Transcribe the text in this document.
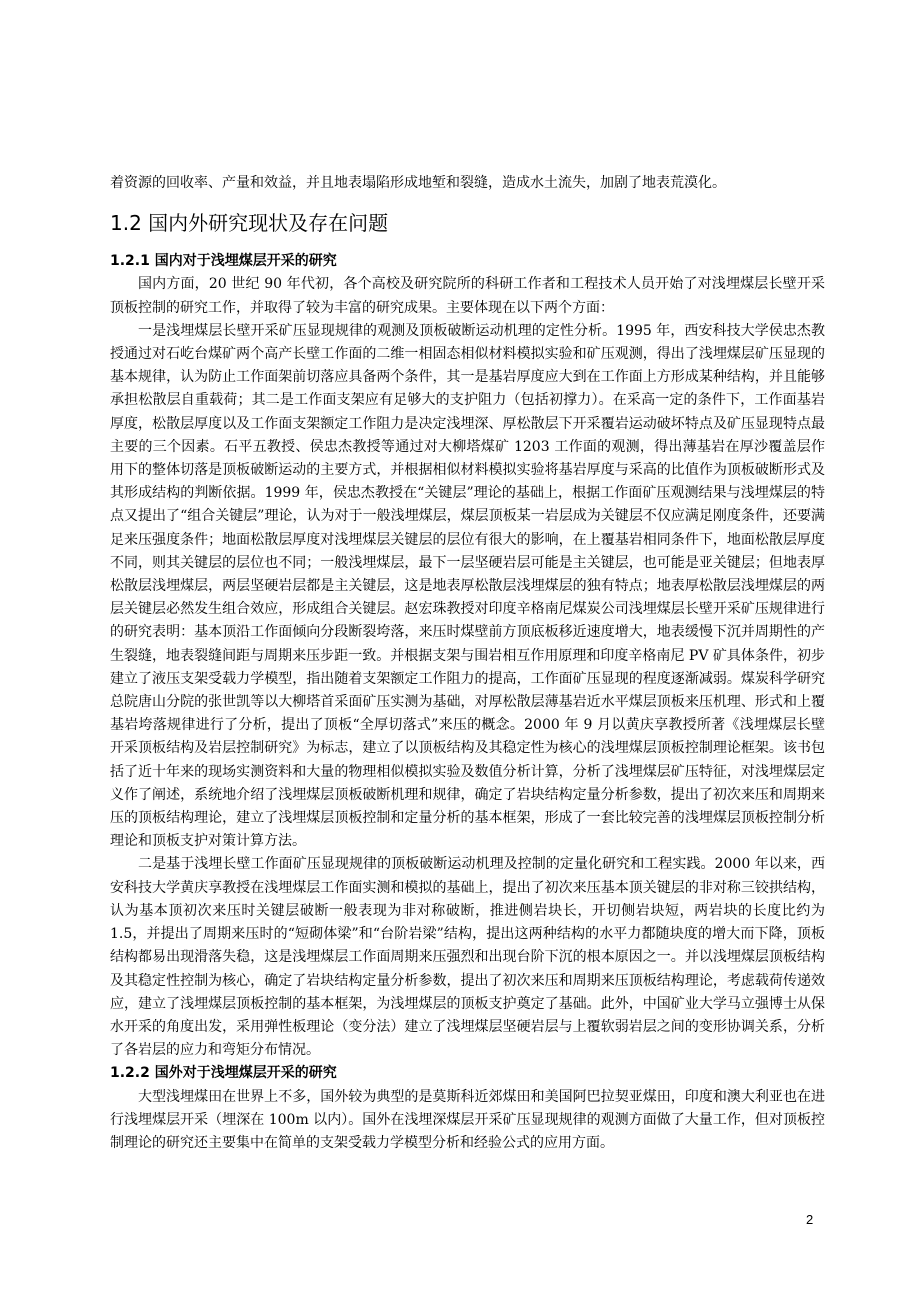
着资源的回收率、产量和效益，并且地表塌陷形成地堑和裂缝，造成水土流失，加剧了地表荒漠化。

1.2 国内外研究现状及存在问题
1.2.1 国内对于浅埋煤层开采的研究

国内方面，20 世纪 90 年代初，各个高校及研究院所的科研工作者和工程技术人员开始了对浅埋煤层长壁开采顶板控制的研究工作，并取得了较为丰富的研究成果。主要体现在以下两个方面：

一是浅埋煤层长壁开采矿压显现规律的观测及顶板破断运动机理的定性分析。1995 年，西安科技大学侯忠杰教授通过对石屹台煤矿两个高产长壁工作面的二维一相固态相似材料模拟实验和矿压观测，得出了浅埋煤层矿压显现的基本规律，认为防止工作面架前切落应具备两个条件，其一是基岩厚度应大到在工作面上方形成某种结构，并且能够承担松散层自重载荷；其二是工作面支架应有足够大的支护阻力（包括初撑力）。在采高一定的条件下，工作面基岩厚度，松散层厚度以及工作面支架额定工作阻力是决定浅埋深、厚松散层下开采覆岩运动破坏特点及矿压显现特点最主要的三个因素。石平五教授、侯忠杰教授等通过对大柳塔煤矿 1203 工作面的观测，得出薄基岩在厚沙覆盖层作用下的整体切落是顶板破断运动的主要方式，并根据相似材料模拟实验将基岩厚度与采高的比值作为顶板破断形式及其形成结构的判断依据。1999 年，侯忠杰教授在“关键层”理论的基础上，根据工作面矿压观测结果与浅埋煤层的特点又提出了“组合关键层”理论，认为对于一般浅埋煤层，煤层顶板某一岩层成为关键层不仅应满足刚度条件，还要满足来压强度条件；地面松散层厚度对浅埋煤层关键层的层位有很大的影响，在上覆基岩相同条件下，地面松散层厚度不同，则其关键层的层位也不同；一般浅埋煤层，最下一层坚硬岩层可能是主关键层，也可能是亚关键层；但地表厚松散层浅埋煤层，两层坚硬岩层都是主关键层，这是地表厚松散层浅埋煤层的独有特点；地表厚松散层浅埋煤层的两层关键层必然发生组合效应，形成组合关键层。赵宏珠教授对印度辛格南尼煤炭公司浅埋煤层长壁开采矿压规律进行的研究表明：基本顶沿工作面倾向分段断裂垮落，来压时煤壁前方顶底板移近速度增大，地表缓慢下沉并周期性的产生裂缝，地表裂缝间距与周期来压步距一致。并根据支架与围岩相互作用原理和印度辛格南尼 PV 矿具体条件，初步建立了液压支架受载力学模型，指出随着支架额定工作阻力的提高，工作面矿压显现的程度逐渐减弱。煤炭科学研究总院唐山分院的张世凯等以大柳塔首采面矿压实测为基础，对厚松散层薄基岩近水平煤层顶板来压机理、形式和上覆基岩垮落规律进行了分析，提出了顶板“全厚切落式”来压的概念。2000 年 9 月以黄庆享教授所著《浅埋煤层长壁开采顶板结构及岩层控制研究》为标志，建立了以顶板结构及其稳定性为核心的浅埋煤层顶板控制理论框架。该书包括了近十年来的现场实测资料和大量的物理相似模拟实验及数值分析计算，分析了浅埋煤层矿压特征，对浅埋煤层定义作了阐述，系统地介绍了浅埋煤层顶板破断机理和规律，确定了岩块结构定量分析参数，提出了初次来压和周期来压的顶板结构理论，建立了浅埋煤层顶板控制和定量分析的基本框架，形成了一套比较完善的浅埋煤层顶板控制分析理论和顶板支护对策计算方法。

二是基于浅埋长壁工作面矿压显现规律的顶板破断运动机理及控制的定量化研究和工程实践。2000 年以来，西安科技大学黄庆享教授在浅埋煤层工作面实测和模拟的基础上，提出了初次来压基本顶关键层的非对称三铰拱结构，认为基本顶初次来压时关键层破断一般表现为非对称破断，推进侧岩块长，开切侧岩块短，两岩块的长度比约为 1.5，并提出了周期来压时的“短砌体梁”和“台阶岩梁”结构，提出这两种结构的水平力都随块度的增大而下降，顶板结构都易出现滑落失稳，这是浅埋煤层工作面周期来压强烈和出现台阶下沉的根本原因之一。并以浅埋煤层顶板结构及其稳定性控制为核心，确定了岩块结构定量分析参数，提出了初次来压和周期来压顶板结构理论，考虑载荷传递效应，建立了浅埋煤层顶板控制的基本框架，为浅埋煤层的顶板支护奠定了基础。此外，中国矿业大学马立强博士从保水开采的角度出发，采用弹性板理论（变分法）建立了浅埋煤层坚硬岩层与上覆软弱岩层之间的变形协调关系，分析了各岩层的应力和弯矩分布情况。

1.2.2 国外对于浅埋煤层开采的研究

大型浅埋煤田在世界上不多，国外较为典型的是莫斯科近郊煤田和美国阿巴拉契亚煤田，印度和澳大利亚也在进行浅埋煤层开采（埋深在 100m 以内）。国外在浅埋深煤层开采矿压显现规律的观测方面做了大量工作，但对顶板控制理论的研究还主要集中在简单的支架受载力学模型分析和经验公式的应用方面。

2
